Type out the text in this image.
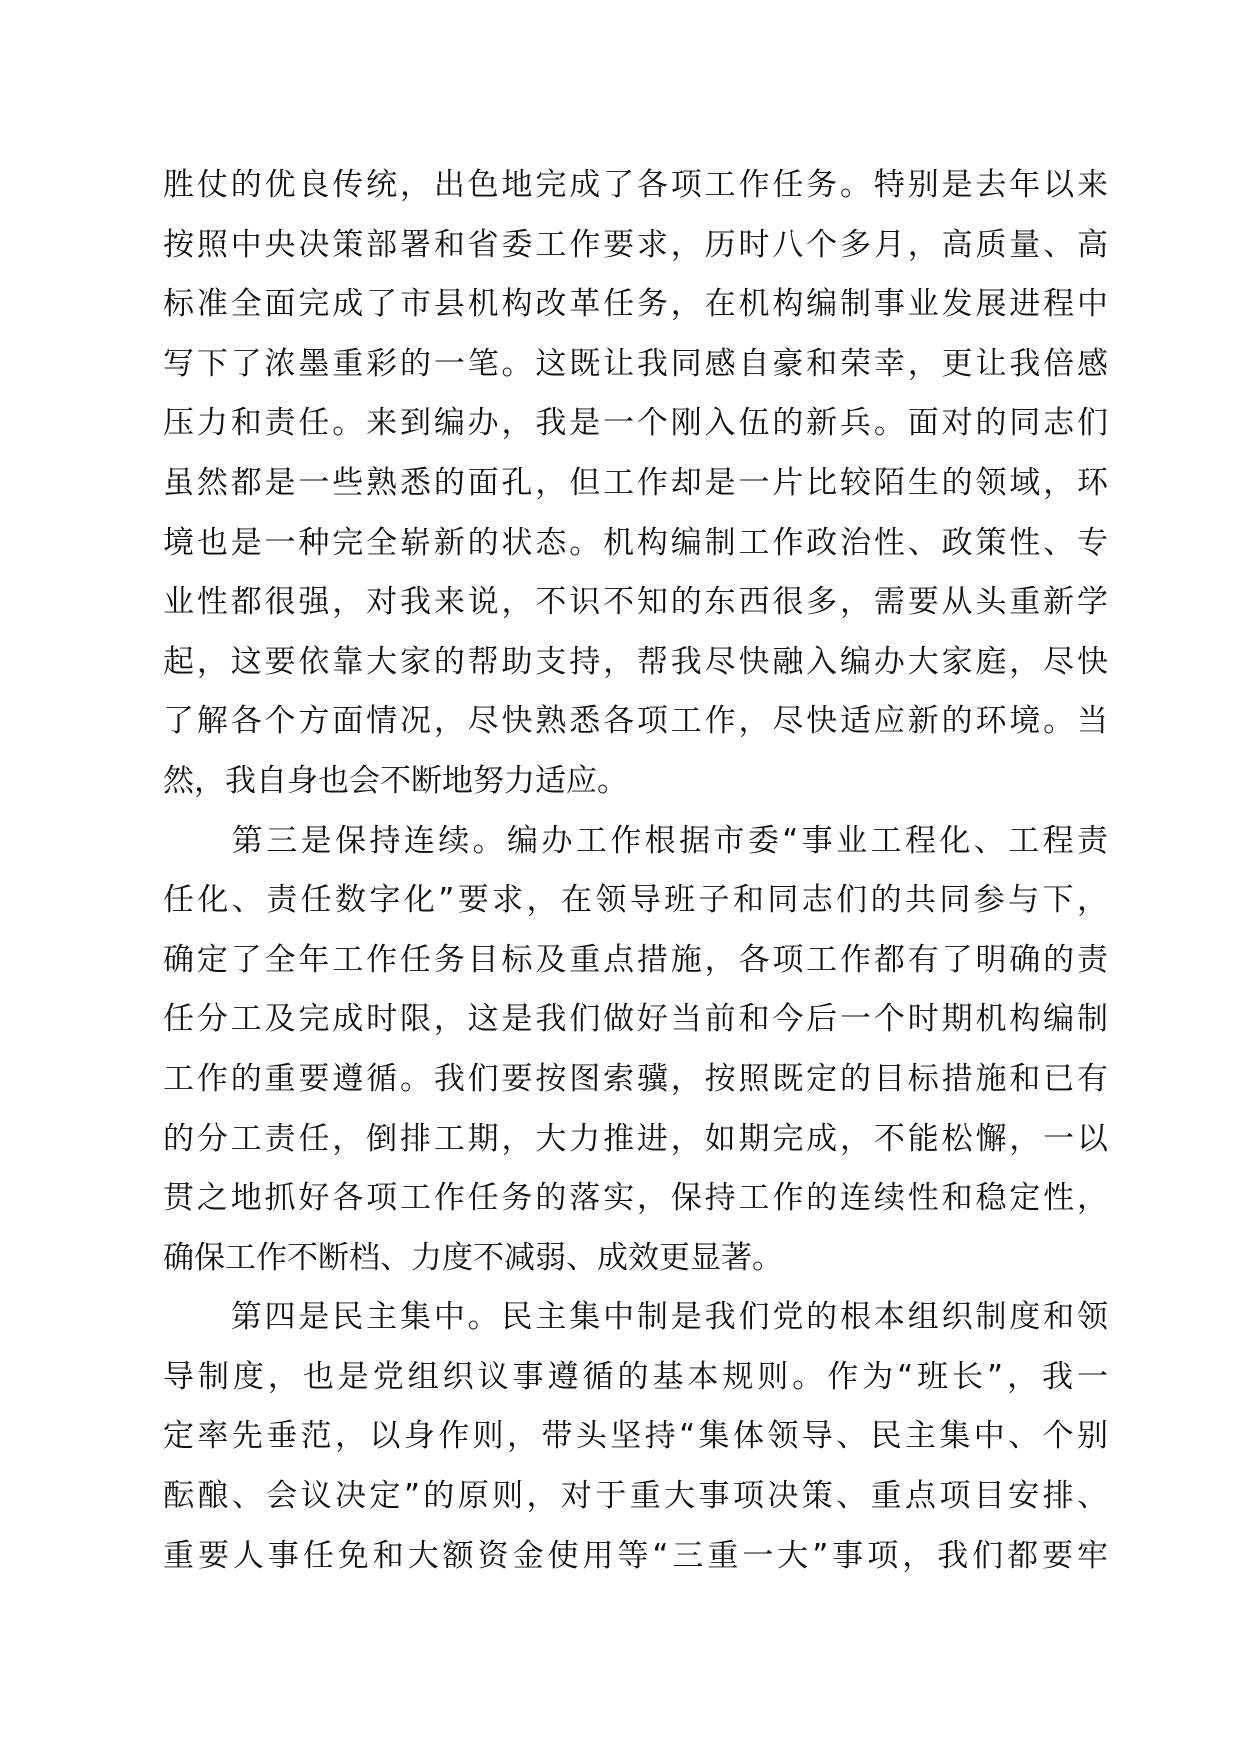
胜仗的优良传统，出色地完成了各项工作任务。特别是去年以来
按照中央决策部署和省委工作要求，历时八个多月，高质量、高
标准全面完成了市县机构改革任务，在机构编制事业发展进程中
写下了浓墨重彩的一笔。这既让我同感自豪和荣幸，更让我倍感
压力和责任。来到编办，我是一个刚入伍的新兵。面对的同志们
虽然都是一些熟悉的面孔，但工作却是一片比较陌生的领域，环
境也是一种完全崭新的状态。机构编制工作政治性、政策性、专
业性都很强，对我来说，不识不知的东西很多，需要从头重新学
起，这要依靠大家的帮助支持，帮我尽快融入编办大家庭，尽快
了解各个方面情况，尽快熟悉各项工作，尽快适应新的环境。当
然，我自身也会不断地努力适应。
　　第三是保持连续。编办工作根据市委“事业工程化、工程责
任化、责任数字化”要求，在领导班子和同志们的共同参与下，
确定了全年工作任务目标及重点措施，各项工作都有了明确的责
任分工及完成时限，这是我们做好当前和今后一个时期机构编制
工作的重要遵循。我们要按图索骥，按照既定的目标措施和已有
的分工责任，倒排工期，大力推进，如期完成，不能松懈，一以
贯之地抓好各项工作任务的落实，保持工作的连续性和稳定性，
确保工作不断档、力度不减弱、成效更显著。
　　第四是民主集中。民主集中制是我们党的根本组织制度和领
导制度，也是党组织议事遵循的基本规则。作为“班长”，我一
定率先垂范，以身作则，带头坚持“集体领导、民主集中、个别
酝酿、会议决定”的原则，对于重大事项决策、重点项目安排、
重要人事任免和大额资金使用等“三重一大”事项，我们都要牢
